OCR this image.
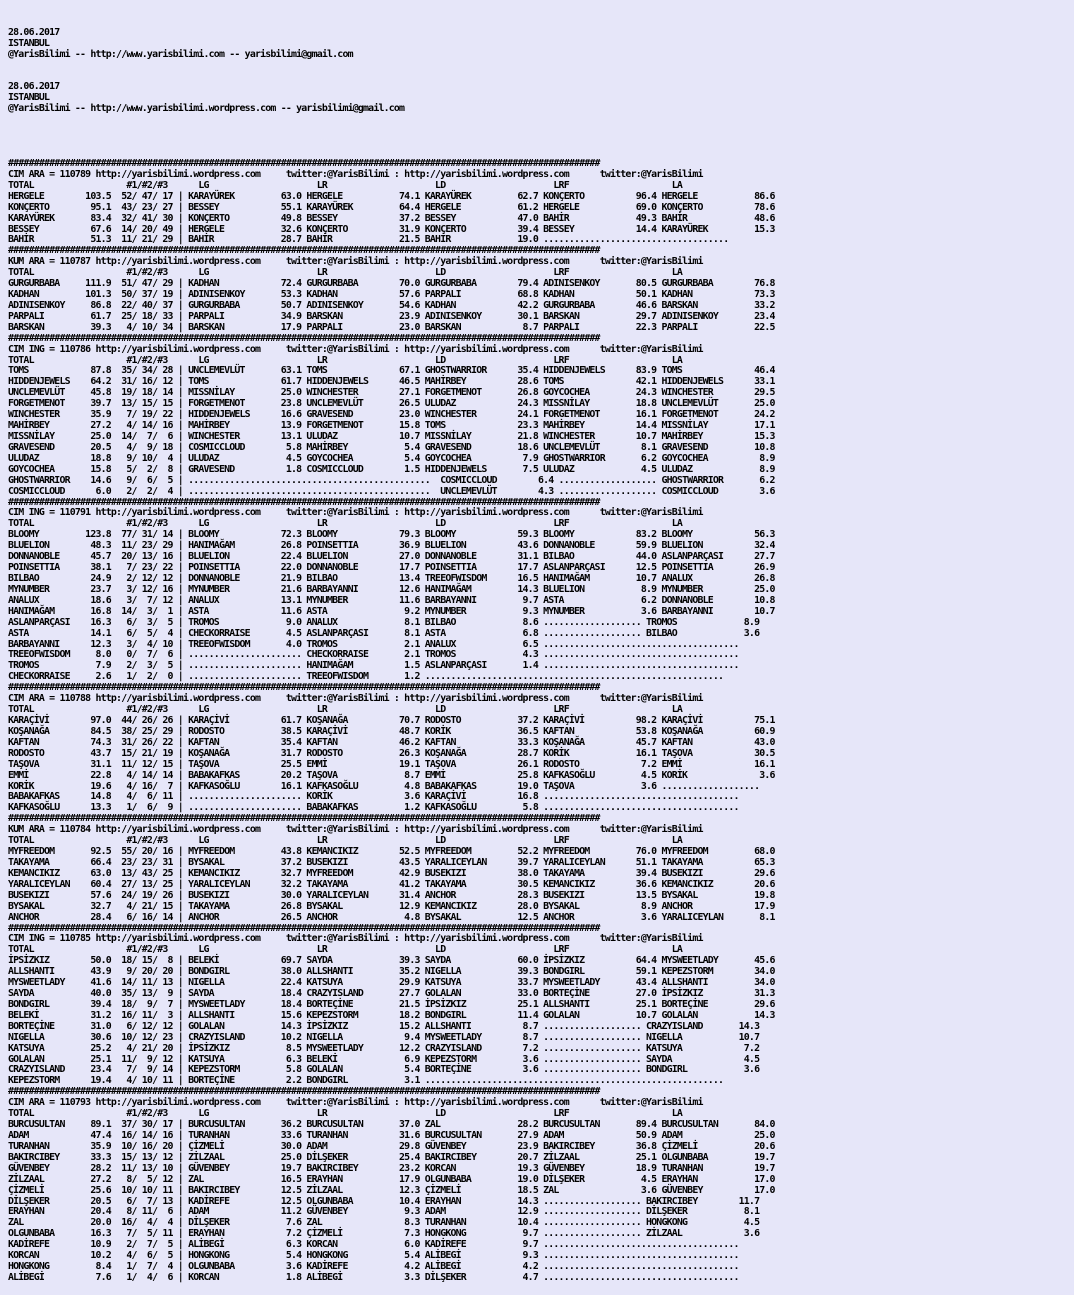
28.06.2017
ISTANBUL
@YarisBilimi -- http://www.yarisbilimi.com -- yarisbilimi@gmail.com

28.06.2017
ISTANBUL
@YarisBilimi -- http://www.yarisbilimi.wordpress.com -- yarisbilimi@gmail.com

###################################################################################################################
CIM ARA = 110789 http://yarisbilimi.wordpress.com     twitter:@YarisBilimi : http://yarisbilimi.wordpress.com      twitter:@YarisBilimi
TOTAL                  #1/#2/#3      LG                     LR                     LD                     LRF                    LA
HERGELE        103.5  52/ 47/ 17 | KARAYÜREK         63.0 HERGELE           74.1 KARAYÜREK         62.7 KONÇERTO          96.4 HERGELE           86.6
KONÇERTO        95.1  43/ 23/ 27 | BESSEY            55.1 KARAYÜREK         64.4 HERGELE           61.2 HERGELE           69.0 KONÇERTO          78.6
KARAYÜREK       83.4  32/ 41/ 30 | KONÇERTO          49.8 BESSEY            37.2 BESSEY            47.0 BAHİR             49.3 BAHİR             48.6
BESSEY          67.6  14/ 20/ 49 | HERGELE           32.6 KONÇERTO          31.9 KONÇERTO          39.4 BESSEY            14.4 KARAYÜREK         15.3
BAHİR           51.3  11/ 21/ 29 | BAHİR             28.7 BAHİR             21.5 BAHİR             19.0 ....................................
###################################################################################################################
KUM ARA = 110787 http://yarisbilimi.wordpress.com     twitter:@YarisBilimi : http://yarisbilimi.wordpress.com      twitter:@YarisBilimi
TOTAL                  #1/#2/#3      LG                     LR                     LD                     LRF                    LA
GURGURBABA     111.9  51/ 47/ 29 | KADHAN            72.4 GURGURBABA        70.0 GURGURBABA        79.4 ADINISENKOY       80.5 GURGURBABA        76.8
KADHAN         101.3  50/ 37/ 19 | ADINISENKOY       53.3 KADHAN            57.6 PARPALI           68.8 KADHAN            50.1 KADHAN            73.3
ADINISENKOY     86.8  22/ 40/ 37 | GURGURBABA        50.7 ADINISENKOY       54.6 KADHAN            42.2 GURGURBABA        46.6 BARSKAN           33.2
PARPALI         61.7  25/ 18/ 33 | PARPALI           34.9 BARSKAN           23.9 ADINISENKOY       30.1 BARSKAN           29.7 ADINISENKOY       23.4
BARSKAN         39.3   4/ 10/ 34 | BARSKAN           17.9 PARPALI           23.0 BARSKAN            8.7 PARPALI           22.3 PARPALI           22.5
###################################################################################################################
CIM ING = 110786 http://yarisbilimi.wordpress.com     twitter:@YarisBilimi : http://yarisbilimi.wordpress.com      twitter:@YarisBilimi
TOTAL                  #1/#2/#3      LG                     LR                     LD                     LRF                    LA
TOMS            87.8  35/ 34/ 28 | UNCLEMEVLÜT       63.1 TOMS              67.1 GHOSTWARRIOR      35.4 HIDDENJEWELS      83.9 TOMS              46.4
HIDDENJEWELS    64.2  31/ 16/ 12 | TOMS              61.7 HIDDENJEWELS      46.5 MAHİRBEY          28.6 TOMS              42.1 HIDDENJEWELS      33.1
UNCLEMEVLÜT     45.8  19/ 18/ 14 | MISSNİLAY         25.0 WINCHESTER        27.1 FORGETMENOT       26.8 GOYCOCHEA         24.3 WINCHESTER        29.5
FORGETMENOT     39.7  13/ 15/ 15 | FORGETMENOT       23.8 UNCLEMEVLÜT       26.5 ULUDAZ            24.3 MISSNİLAY         18.8 UNCLEMEVLÜT       25.0
WINCHESTER      35.9   7/ 19/ 22 | HIDDENJEWELS      16.6 GRAVESEND         23.0 WINCHESTER        24.1 FORGETMENOT       16.1 FORGETMENOT       24.2
MAHİRBEY        27.2   4/ 14/ 16 | MAHİRBEY          13.9 FORGETMENOT       15.8 TOMS              23.3 MAHİRBEY          14.4 MISSNİLAY         17.1
MISSNİLAY       25.0  14/  7/  6 | WINCHESTER        13.1 ULUDAZ            10.7 MISSNİLAY         21.8 WINCHESTER        10.7 MAHİRBEY          15.3
GRAVESEND       20.5   4/  9/ 18 | COSMICCLOUD        5.8 MAHİRBEY           5.4 GRAVESEND         18.6 UNCLEMEVLÜT        8.1 GRAVESEND         10.8
ULUDAZ          18.8   9/ 10/  4 | ULUDAZ             4.5 GOYCOCHEA          5.4 GOYCOCHEA          7.9 GHOSTWARRIOR       6.2 GOYCOCHEA          8.9
GOYCOCHEA       15.8   5/  2/  8 | GRAVESEND          1.8 COSMICCLOUD        1.5 HIDDENJEWELS       7.5 ULUDAZ             4.5 ULUDAZ             8.9
GHOSTWARRIOR    14.6   9/  6/  5 | ...............................................  COSMICCLOUD        6.4 ................... GHOSTWARRIOR       6.2
COSMICCLOUD      6.0   2/  2/  4 | ...............................................  UNCLEMEVLÜT        4.3 ................... COSMICCLOUD        3.6
###################################################################################################################
CIM ING = 110791 http://yarisbilimi.wordpress.com     twitter:@YarisBilimi : http://yarisbilimi.wordpress.com      twitter:@YarisBilimi
TOTAL                  #1/#2/#3      LG                     LR                     LD                     LRF                    LA
BLOOMY         123.8  77/ 31/ 14 | BLOOMY            72.3 BLOOMY            79.3 BLOOMY            59.3 BLOOMY            83.2 BLOOMY            56.3
BLUELION        48.3  11/ 23/ 29 | HANIMAĞAM         26.8 POINSETTIA        36.9 BLUELION          43.6 DONNANOBLE        59.9 BLUELION          32.4
DONNANOBLE      45.7  20/ 13/ 16 | BLUELION          22.4 BLUELION          27.0 DONNANOBLE        31.1 BILBAO            44.0 ASLANPARÇASI      27.7
POINSETTIA      38.1   7/ 23/ 22 | POINSETTIA        22.0 DONNANOBLE        17.7 POINSETTIA        17.7 ASLANPARÇASI      12.5 POINSETTIA        26.9
BILBAO          24.9   2/ 12/ 12 | DONNANOBLE        21.9 BILBAO            13.4 TREEOFWISDOM      16.5 HANIMAĞAM         10.7 ANALUX            26.8
MYNUMBER        23.7   3/ 12/ 16 | MYNUMBER          21.6 BARBAYANNI        12.6 HANIMAĞAM         14.3 BLUELION           8.9 MYNUMBER          25.0
ANALUX          18.6   3/  7/ 12 | ANALUX            13.1 MYNUMBER          11.6 BARBAYANNI         9.7 ASTA               6.2 DONNANOBLE        10.8
HANIMAĞAM       16.8  14/  3/  1 | ASTA              11.6 ASTA               9.2 MYNUMBER           9.3 MYNUMBER           3.6 BARBAYANNI        10.7
ASLANPARÇASI    16.3   6/  3/  5 | TROMOS             9.0 ANALUX             8.1 BILBAO             8.6 ................... TROMOS             8.9
ASTA            14.1   6/  5/  4 | CHECKORRAISE       4.5 ASLANPARÇASI       8.1 ASTA               6.8 ................... BILBAO             3.6
BARBAYANNI      12.3   3/  4/ 10 | TREEOFWISDOM       4.0 TROMOS             2.1 ANALUX             6.5 ......................................
TREEOFWISDOM     8.0   0/  7/  6 | ...................... CHECKORRAISE       2.1 TROMOS             4.3 ......................................
TROMOS           7.9   2/  3/  5 | ...................... HANIMAĞAM          1.5 ASLANPARÇASI       1.4 ......................................
CHECKORRAISE     2.6   1/  2/  0 | ...................... TREEOFWISDOM       1.2 ..........................................................
###################################################################################################################
CIM ARA = 110788 http://yarisbilimi.wordpress.com     twitter:@YarisBilimi : http://yarisbilimi.wordpress.com      twitter:@YarisBilimi
TOTAL                  #1/#2/#3      LG                     LR                     LD                     LRF                    LA
KARAÇİVİ        97.0  44/ 26/ 26 | KARAÇİVİ          61.7 KOŞANAĞA          70.7 RODOSTO           37.2 KARAÇİVİ          98.2 KARAÇİVİ          75.1
KOŞANAĞA        84.5  38/ 25/ 29 | RODOSTO           38.5 KARAÇİVİ          48.7 KORİK             36.5 KAFTAN            53.8 KOŞANAĞA          60.9
KAFTAN          74.3  31/ 26/ 22 | KAFTAN            35.4 KAFTAN            46.2 KAFTAN            33.3 KOŞANAĞA          45.7 KAFTAN            43.0
RODOSTO         43.7  15/ 21/ 19 | KOŞANAĞA          31.7 RODOSTO           26.3 KOŞANAĞA          28.7 KORİK             16.1 TAŞOVA            30.5
TAŞOVA          31.1  11/ 12/ 15 | TAŞOVA            25.5 EMMİ              19.1 TAŞOVA            26.1 RODOSTO            7.2 EMMİ              16.1
EMMİ            22.8   4/ 14/ 14 | BABAKAFKAS        20.2 TAŞOVA             8.7 EMMİ              25.8 KAFKASOĞLU         4.5 KORİK              3.6
KORİK           19.6   4/ 16/  7 | KAFKASOĞLU        16.1 KAFKASOĞLU         4.8 BABAKAFKAS        19.0 TAŞOVA             3.6 ...................
BABAKAFKAS      14.8   4/  6/ 11 | ...................... KORİK              3.6 KARAÇİVİ          16.8 ......................................
KAFKASOĞLU      13.3   1/  6/  9 | ...................... BABAKAFKAS         1.2 KAFKASOĞLU         5.8 ......................................
###################################################################################################################
KUM ARA = 110784 http://yarisbilimi.wordpress.com     twitter:@YarisBilimi : http://yarisbilimi.wordpress.com      twitter:@YarisBilimi
TOTAL                  #1/#2/#3      LG                     LR                     LD                     LRF                    LA
MYFREEDOM       92.5  55/ 20/ 16 | MYFREEDOM         43.8 KEMANCIKIZ        52.5 MYFREEDOM         52.2 MYFREEDOM         76.0 MYFREEDOM         68.0
TAKAYAMA        66.4  23/ 23/ 31 | BYSAKAL           37.2 BUSEKIZI          43.5 YARALICEYLAN      39.7 YARALICEYLAN      51.1 TAKAYAMA          65.3
KEMANCIKIZ      63.0  13/ 43/ 25 | KEMANCIKIZ        32.7 MYFREEDOM         42.9 BUSEKIZI          38.0 TAKAYAMA          39.4 BUSEKIZI          29.6
YARALICEYLAN    60.4  27/ 13/ 25 | YARALICEYLAN      32.2 TAKAYAMA          41.2 TAKAYAMA          30.5 KEMANCIKIZ        36.6 KEMANCIKIZ        20.6
BUSEKIZI        57.6  24/ 19/ 26 | BUSEKIZI          30.0 YARALICEYLAN      31.4 ANCHOR            28.3 BUSEKIZI          13.5 BYSAKAL           19.8
BYSAKAL         32.7   4/ 21/ 15 | TAKAYAMA          26.8 BYSAKAL           12.9 KEMANCIKIZ        28.0 BYSAKAL            8.9 ANCHOR            17.9
ANCHOR          28.4   6/ 16/ 14 | ANCHOR            26.5 ANCHOR             4.8 BYSAKAL           12.5 ANCHOR             3.6 YARALICEYLAN       8.1
###################################################################################################################
CIM ING = 110785 http://yarisbilimi.wordpress.com     twitter:@YarisBilimi : http://yarisbilimi.wordpress.com      twitter:@YarisBilimi
TOTAL                  #1/#2/#3      LG                     LR                     LD                     LRF                    LA
İPSİZKIZ        50.0  18/ 15/  8 | BELEKİ            69.7 SAYDA             39.3 SAYDA             60.0 İPSİZKIZ          64.4 MYSWEETLADY       45.6
ALLSHANTI       43.9   9/ 20/ 20 | BONDGIRL          38.0 ALLSHANTI         35.2 NIGELLA           39.3 BONDGIRL          59.1 KEPEZSTORM        34.0
MYSWEETLADY     41.6  14/ 11/ 13 | NIGELLA           22.4 KATSUYA           29.9 KATSUYA           33.7 MYSWEETLADY       43.4 ALLSHANTI         34.0
SAYDA           40.0  35/ 13/  9 | SAYDA             18.4 CRAZYISLAND       27.7 GOLALAN           33.0 BORTEÇİNE         27.0 İPSİZKIZ          31.3
BONDGIRL        39.4  18/  9/  7 | MYSWEETLADY       18.4 BORTEÇİNE         21.5 İPSİZKIZ          25.1 ALLSHANTI         25.1 BORTEÇİNE         29.6
BELEKİ          31.2  16/ 11/  3 | ALLSHANTI         15.6 KEPEZSTORM        18.2 BONDGIRL          11.4 GOLALAN           10.7 GOLALAN           14.3
BORTEÇİNE       31.0   6/ 12/ 12 | GOLALAN           14.3 İPSİZKIZ          15.2 ALLSHANTI          8.7 ................... CRAZYISLAND       14.3
NIGELLA         30.6  10/ 12/ 23 | CRAZYISLAND       10.2 NIGELLA            9.4 MYSWEETLADY        8.7 ................... NIGELLA           10.7
KATSUYA         25.2   4/ 21/ 20 | İPSİZKIZ           8.5 MYSWEETLADY       12.2 CRAZYISLAND        7.2 ................... KATSUYA            7.2
GOLALAN         25.1  11/  9/ 12 | KATSUYA            6.3 BELEKİ             6.9 KEPEZSTORM         3.6 ................... SAYDA              4.5
CRAZYISLAND     23.4   7/  9/ 14 | KEPEZSTORM         5.8 GOLALAN            5.4 BORTEÇİNE          3.6 ................... BONDGIRL           3.6
KEPEZSTORM      19.4   4/ 10/ 11 | BORTEÇİNE          2.2 BONDGIRL           3.1 ..........................................................
###################################################################################################################
CIM ARA = 110793 http://yarisbilimi.wordpress.com     twitter:@YarisBilimi : http://yarisbilimi.wordpress.com      twitter:@YarisBilimi
TOTAL                  #1/#2/#3      LG                     LR                     LD                     LRF                    LA
BURCUSULTAN     89.1  37/ 30/ 17 | BURCUSULTAN       36.2 BURCUSULTAN       37.0 ZAL               28.2 BURCUSULTAN       89.4 BURCUSULTAN       84.0
ADAM            47.4  16/ 14/ 16 | TURANHAN          33.6 TURANHAN          31.6 BURCUSULTAN       27.9 ADAM              50.9 ADAM              25.0
TURANHAN        35.9  10/ 16/ 20 | ÇİZMELİ           30.0 ADAM              29.8 GÜVENBEY          23.9 BAKIRCIBEY        36.8 ÇİZMELİ           20.6
BAKIRCIBEY      33.3  15/ 13/ 12 | ZİLZAAL           25.0 DİLŞEKER          25.4 BAKIRCIBEY        20.7 ZİLZAAL           25.1 OLGUNBABA         19.7
GÜVENBEY        28.2  11/ 13/ 10 | GÜVENBEY          19.7 BAKIRCIBEY        23.2 KORCAN            19.3 GÜVENBEY          18.9 TURANHAN          19.7
ZİLZAAL         27.2   8/  5/ 12 | ZAL               16.5 ERAYHAN           17.9 OLGUNBABA         19.0 DİLŞEKER           4.5 ERAYHAN           17.0
ÇİZMELİ         25.6  10/ 10/ 11 | BAKIRCIBEY        12.5 ZİLZAAL           12.3 ÇİZMELİ           18.5 ZAL                3.6 GÜVENBEY          17.0
DİLŞEKER        20.5   6/  7/ 13 | KADİREFE          12.5 OLGUNBABA         10.4 ERAYHAN           14.3 ................... BAKIRCIBEY        11.7
ERAYHAN         20.4   8/ 11/  6 | ADAM              11.2 GÜVENBEY           9.3 ADAM              12.9 ................... DİLŞEKER           8.1
ZAL             20.0  16/  4/  4 | DİLŞEKER           7.6 ZAL                8.3 TURANHAN          10.4 ................... HONGKONG           4.5
OLGUNBABA       16.3   7/  5/ 11 | ERAYHAN            7.2 ÇİZMELİ            7.3 HONGKONG           9.7 ................... ZİLZAAL            3.6
KADİREFE        10.9   2/  7/  5 | ALİBEGİ            6.3 KORCAN             6.0 KADİREFE           9.7 ......................................
KORCAN          10.2   4/  6/  5 | HONGKONG           5.4 HONGKONG           5.4 ALİBEGİ            9.3 ......................................
HONGKONG         8.4   1/  7/  4 | OLGUNBABA          3.6 KADİREFE           4.2 ALİBEGİ            4.2 ......................................
ALİBEGİ          7.6   1/  4/  6 | KORCAN             1.8 ALİBEGİ            3.3 DİLŞEKER           4.7 ......................................
